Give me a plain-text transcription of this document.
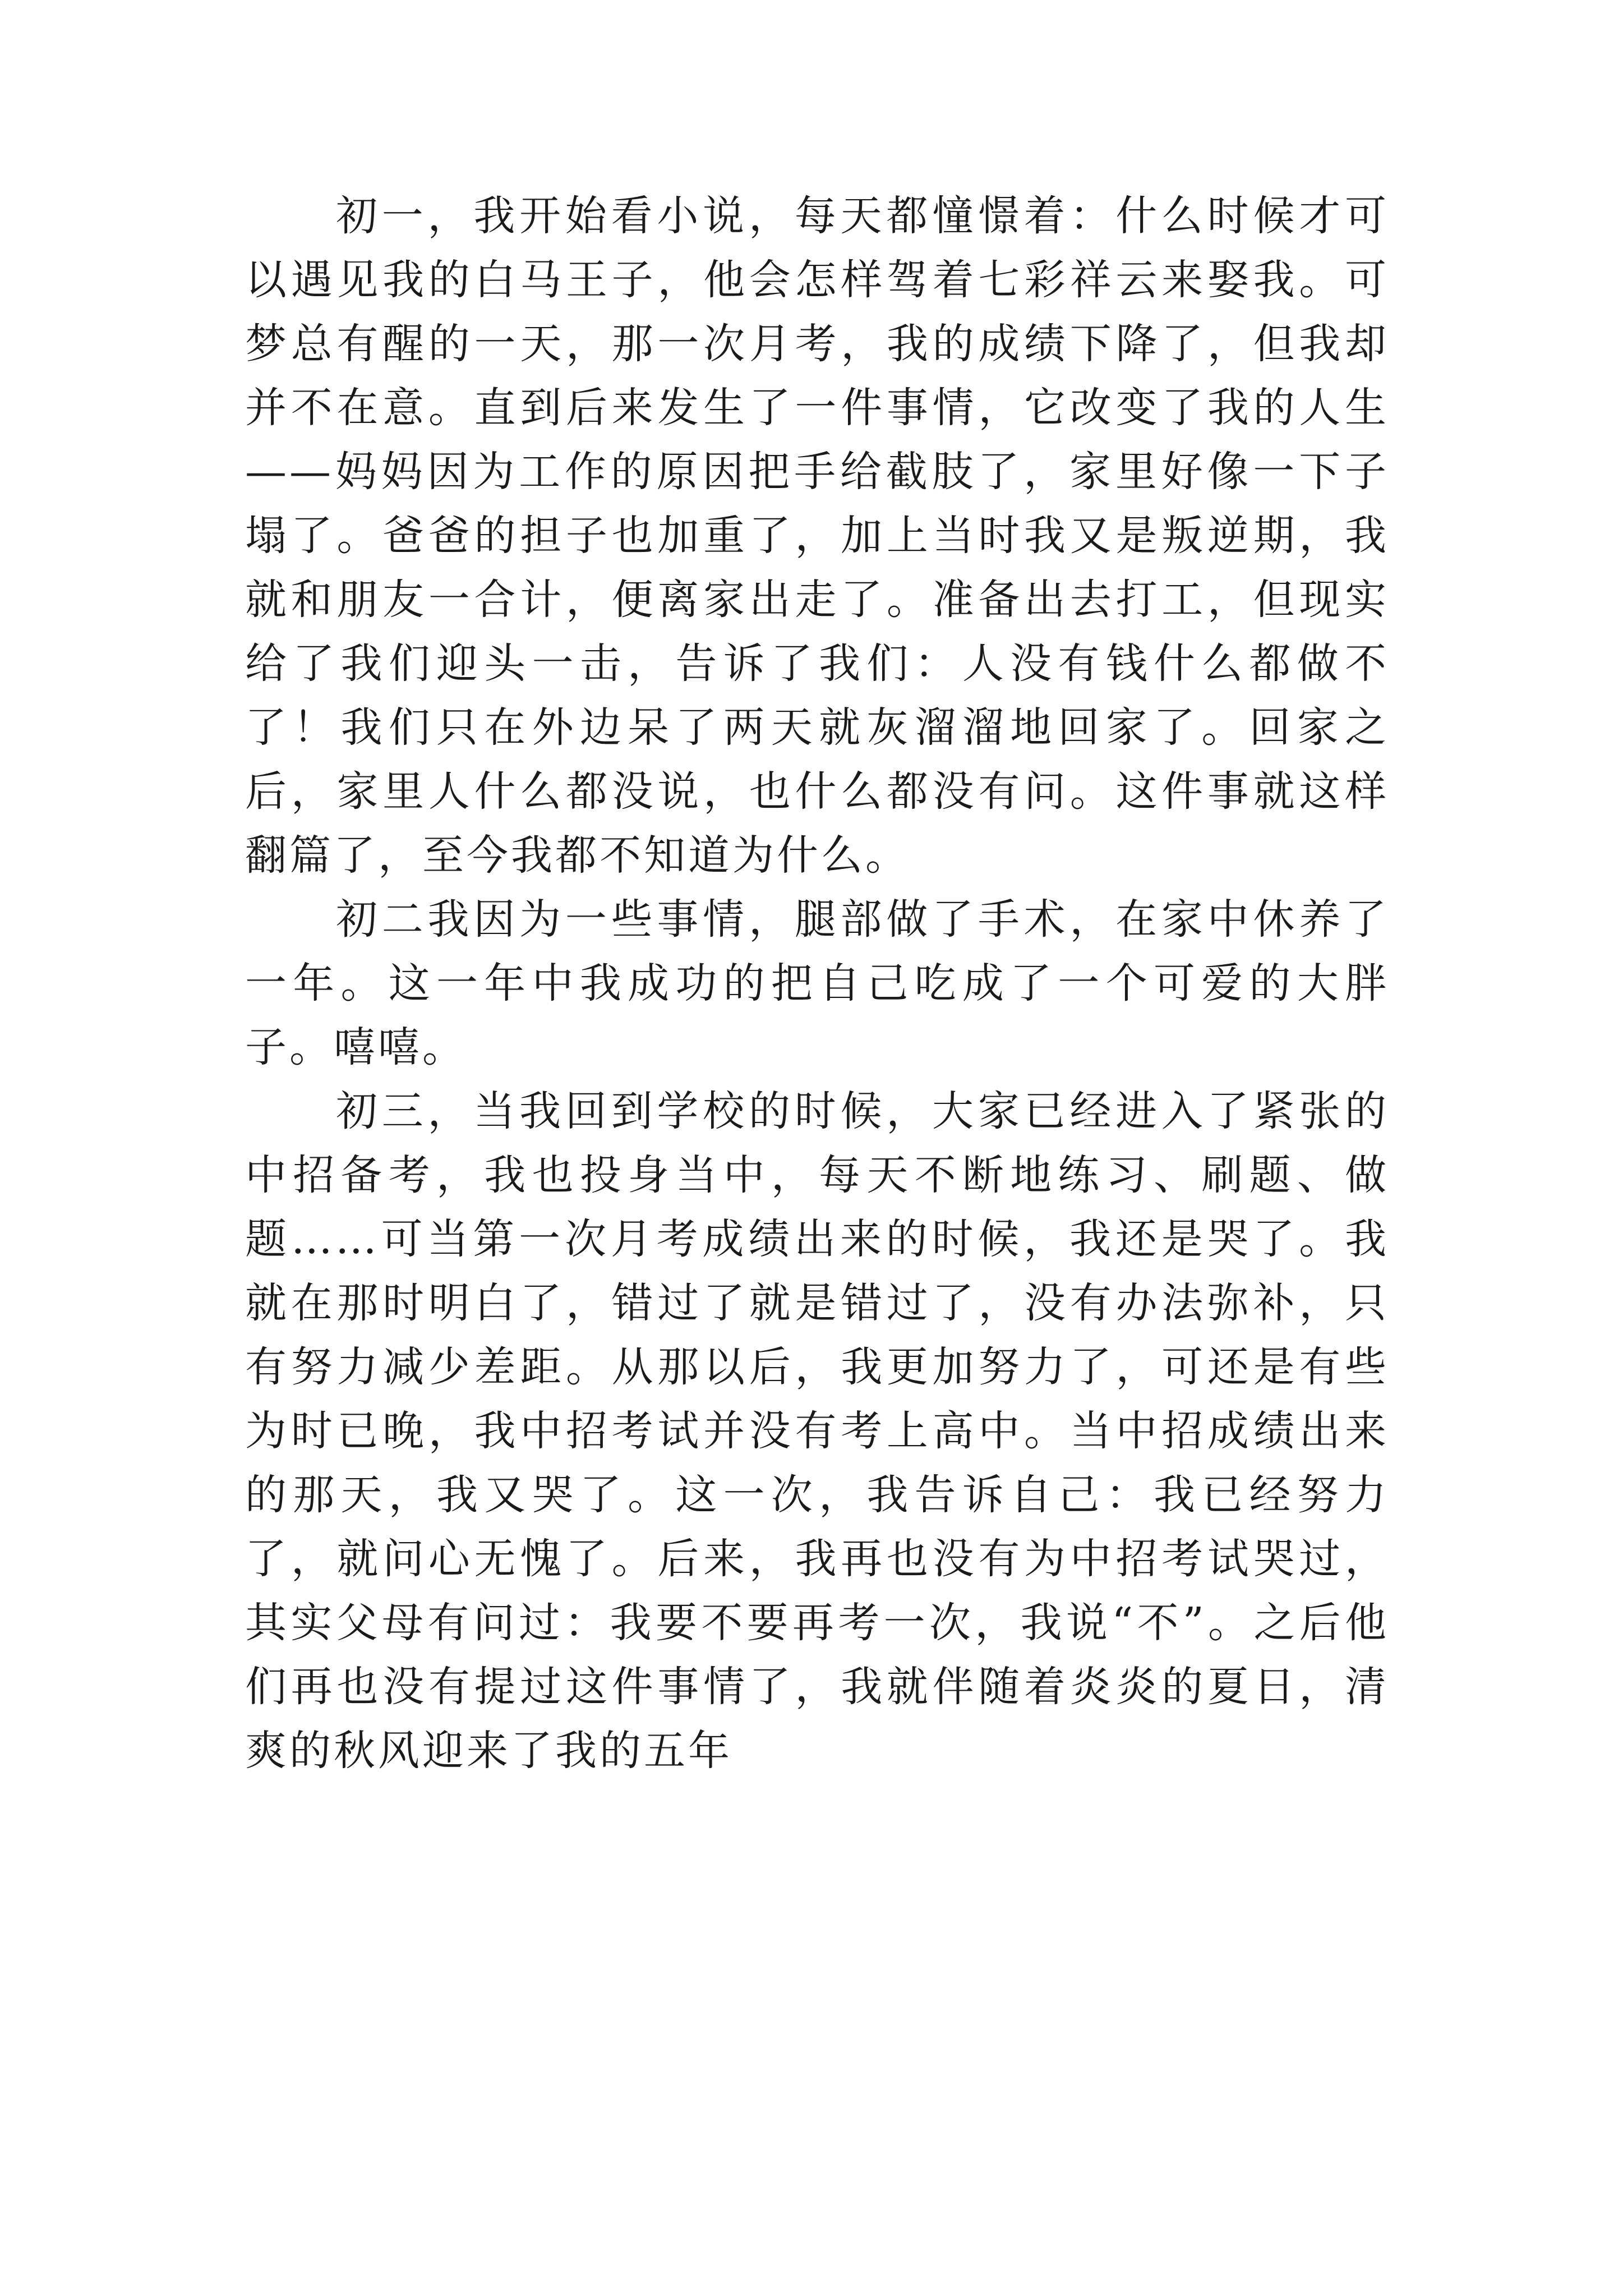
初一，我开始看小说，每天都憧憬着：什么时候才可以遇见我的白马王子，他会怎样驾着七彩祥云来娶我。可梦总有醒的一天，那一次月考，我的成绩下降了，但我却并不在意。直到后来发生了一件事情，它改变了我的人生——妈妈因为工作的原因把手给截肢了，家里好像一下子塌了。爸爸的担子也加重了，加上当时我又是叛逆期，我就和朋友一合计，便离家出走了。准备出去打工，但现实给了我们迎头一击，告诉了我们：人没有钱什么都做不了！我们只在外边呆了两天就灰溜溜地回家了。回家之后，家里人什么都没说，也什么都没有问。这件事就这样翻篇了，至今我都不知道为什么。

初二我因为一些事情，腿部做了手术，在家中休养了一年。这一年中我成功的把自己吃成了一个可爱的大胖子。嘻嘻。

初三，当我回到学校的时候，大家已经进入了紧张的中招备考，我也投身当中，每天不断地练习、刷题、做题……可当第一次月考成绩出来的时候，我还是哭了。我就在那时明白了，错过了就是错过了，没有办法弥补，只有努力减少差距。从那以后，我更加努力了，可还是有些为时已晚，我中招考试并没有考上高中。当中招成绩出来的那天，我又哭了。这一次，我告诉自己：我已经努力了，就问心无愧了。后来，我再也没有为中招考试哭过，其实父母有问过：我要不要再考一次，我说“不”。之后他们再也没有提过这件事情了，我就伴随着炎炎的夏日，清爽的秋风迎来了我的五年
